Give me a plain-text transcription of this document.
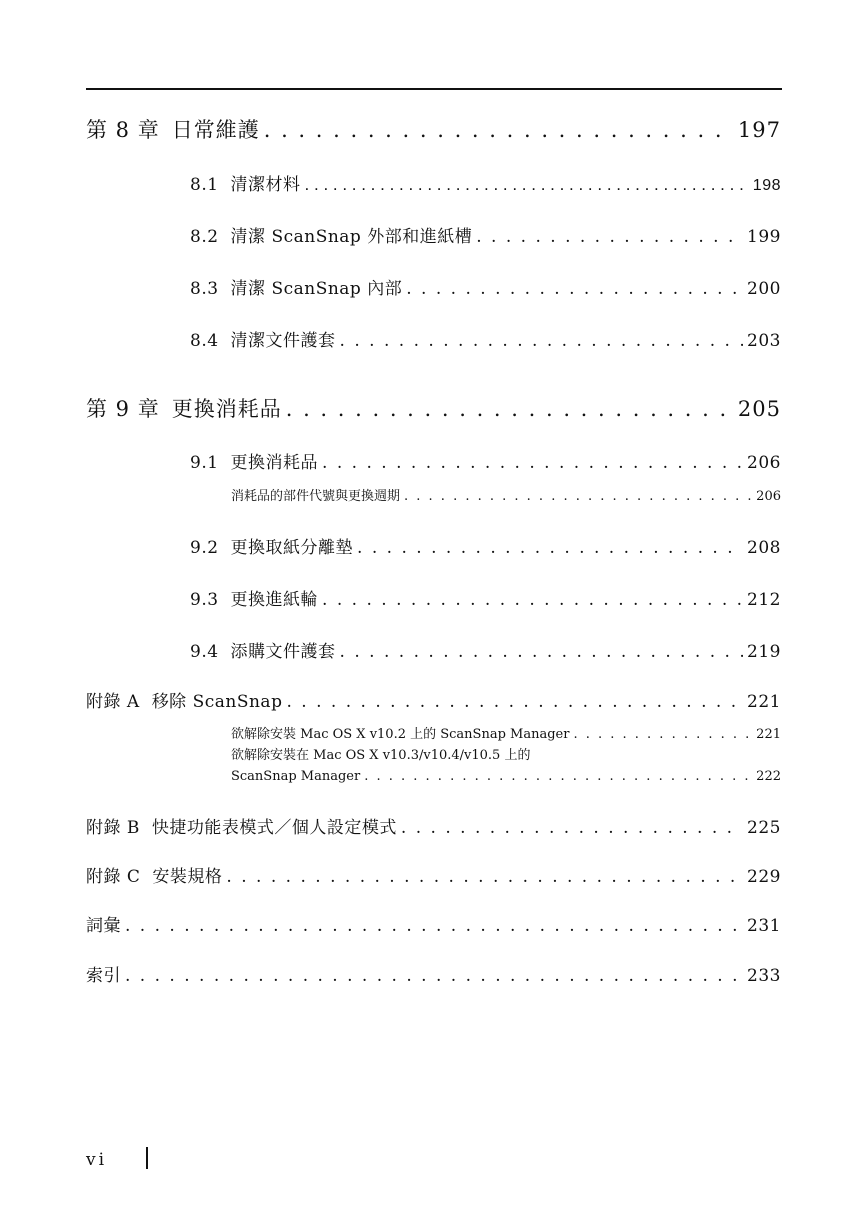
第 8 章 日常維護 . . .	197
8.1 清潔材料 . . .	198
8.2 清潔 ScanSnap 外部和進紙槽 . . .	199
8.3 清潔 ScanSnap 內部 . . .	200
8.4 清潔文件護套 . . .	203
第 9 章 更換消耗品 . . .	205
9.1 更換消耗品 . . .	206
消耗品的部件代號與更換週期 . . .	206
9.2 更換取紙分離墊 . . .	208
9.3 更換進紙輪 . . .	212
9.4 添購文件護套 . . .	219
附錄 A 移除 ScanSnap . . .	221
欲解除安裝 Mac OS X v10.2 上的 ScanSnap Manager . . .	221
欲解除安裝在 Mac OS X v10.3/v10.4/v10.5 上的
ScanSnap Manager . . .	222
附錄 B 快捷功能表模式／個人設定模式 . . .	225
附錄 C 安裝規格 . . .	229
詞彙 . . .	231
索引 . . .	233
vi
